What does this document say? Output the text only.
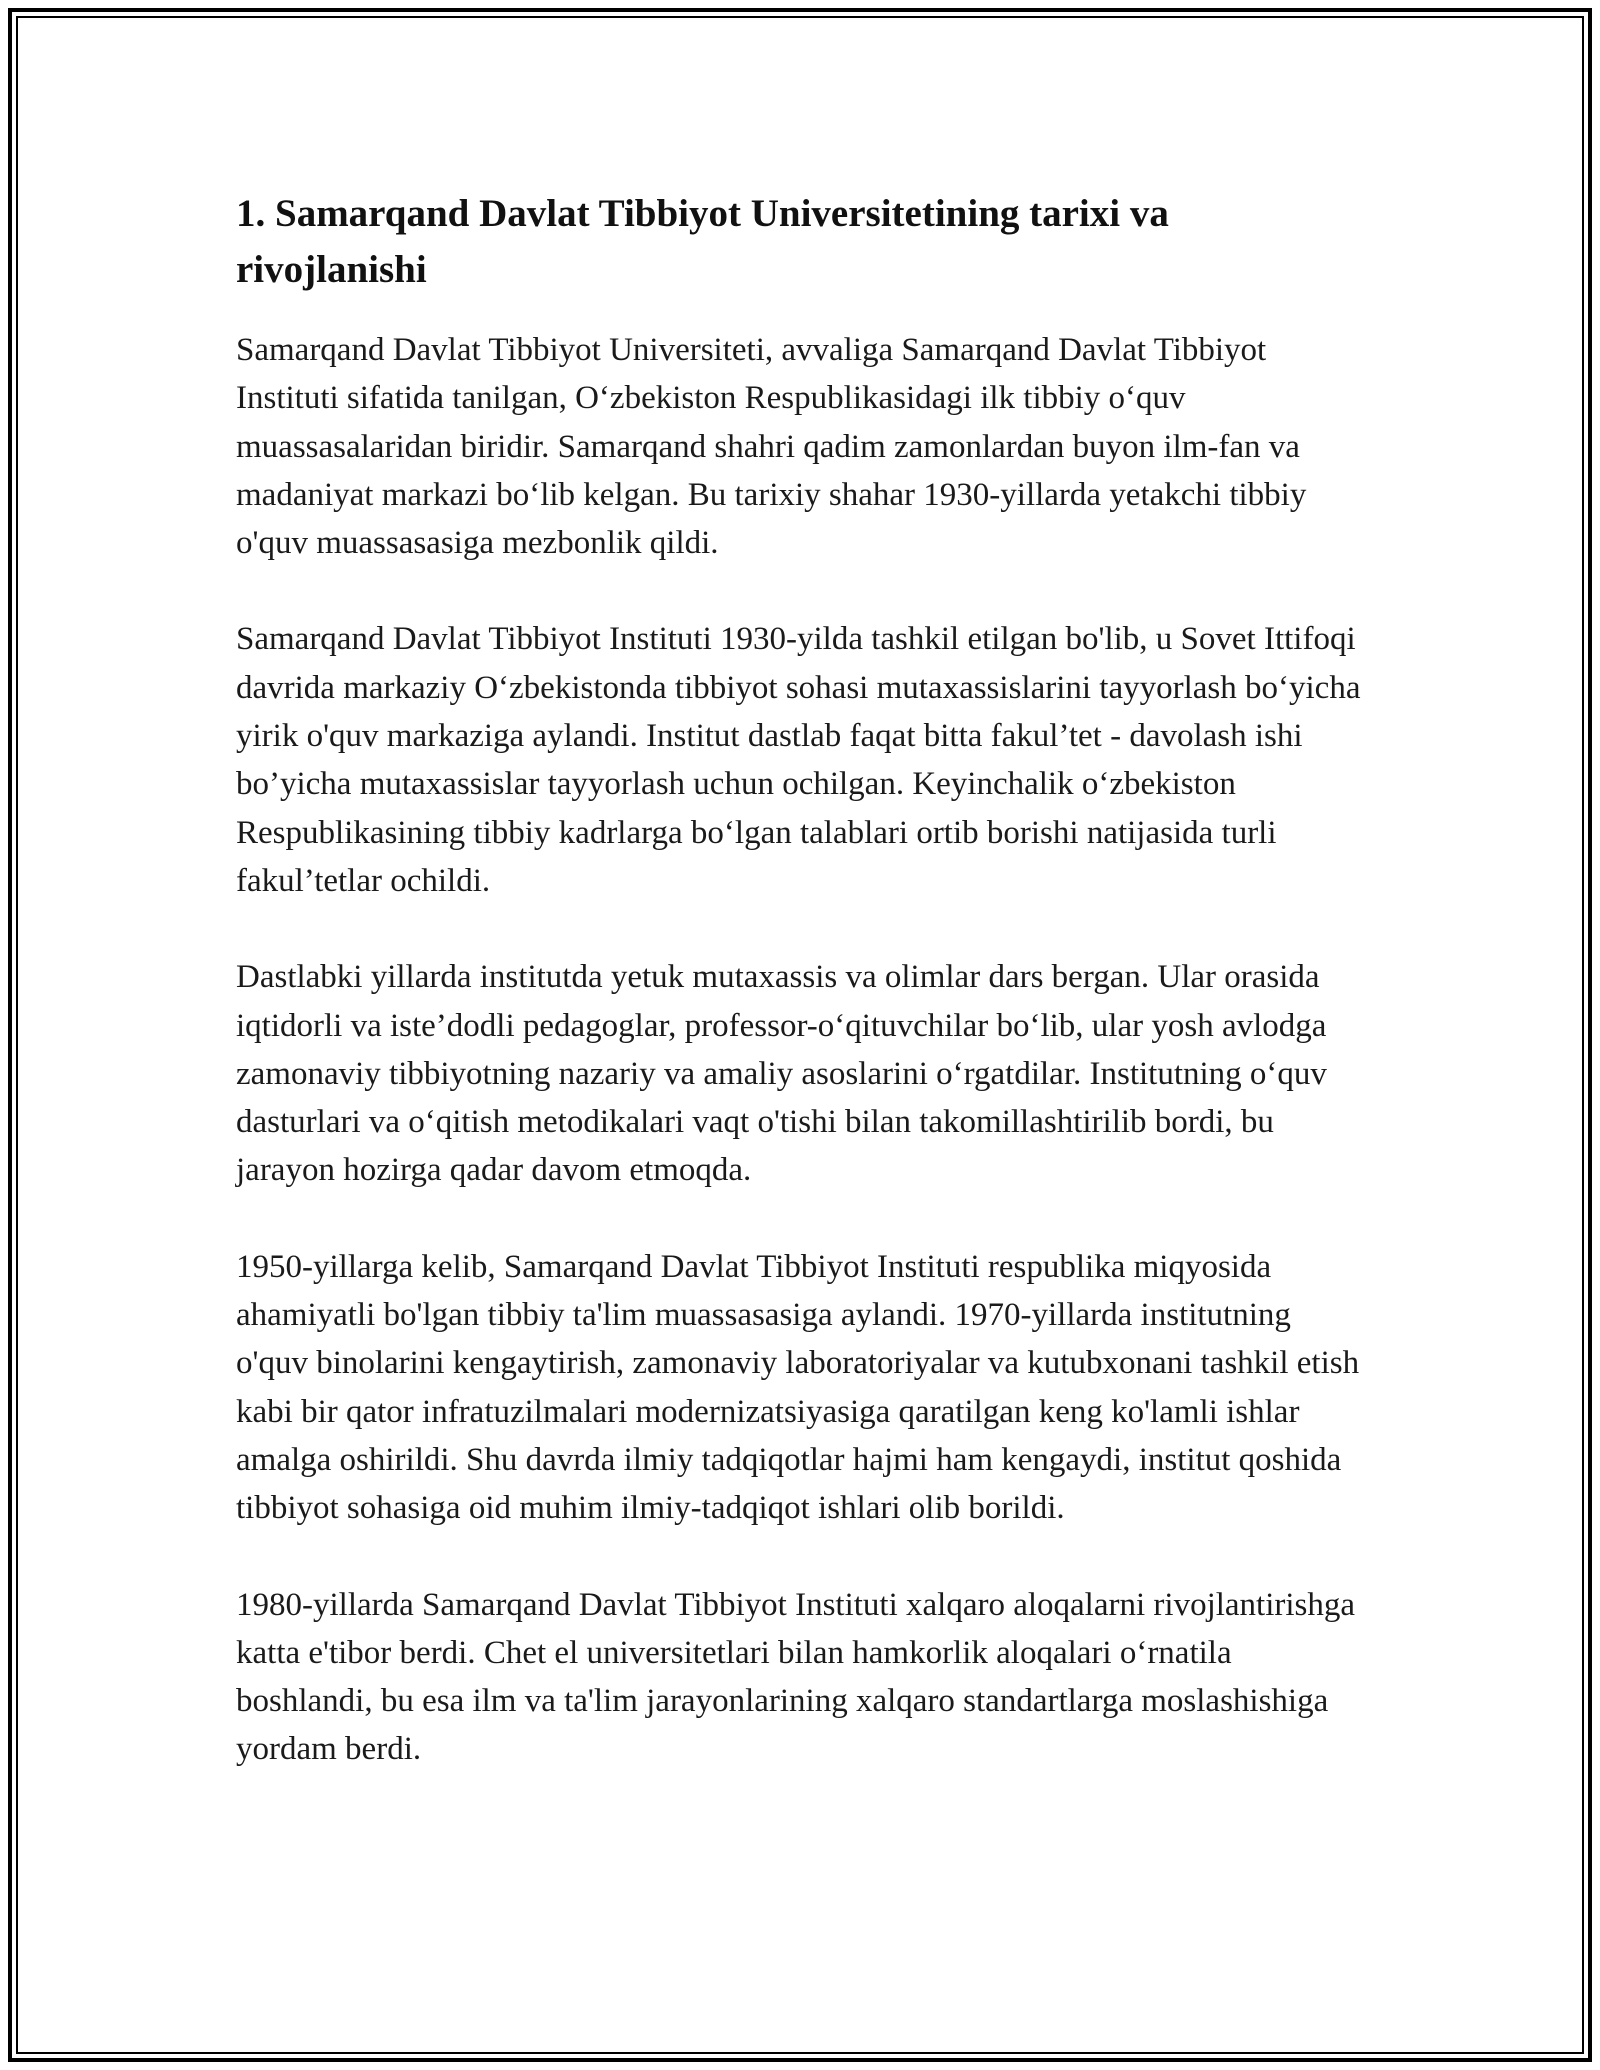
1. Samarqand Davlat Tibbiyot Universitetining tarixi va rivojlanishi

Samarqand Davlat Tibbiyot Universiteti, avvaliga Samarqand Davlat Tibbiyot Instituti sifatida tanilgan, O‘zbekiston Respublikasidagi ilk tibbiy o‘quv muassasalaridan biridir. Samarqand shahri qadim zamonlardan buyon ilm-fan va madaniyat markazi bo‘lib kelgan. Bu tarixiy shahar 1930-yillarda yetakchi tibbiy o'quv muassasasiga mezbonlik qildi.

Samarqand Davlat Tibbiyot Instituti 1930-yilda tashkil etilgan bo'lib, u Sovet Ittifoqi davrida markaziy O‘zbekistonda tibbiyot sohasi mutaxassislarini tayyorlash bo‘yicha yirik o'quv markaziga aylandi. Institut dastlab faqat bitta fakul’tet - davolash ishi bo’yicha mutaxassislar tayyorlash uchun ochilgan. Keyinchalik o‘zbekiston Respublikasining tibbiy kadrlarga bo‘lgan talablari ortib borishi natijasida turli fakul’tetlar ochildi.

Dastlabki yillarda institutda yetuk mutaxassis va olimlar dars bergan. Ular orasida iqtidorli va iste’dodli pedagoglar, professor-o‘qituvchilar bo‘lib, ular yosh avlodga zamonaviy tibbiyotning nazariy va amaliy asoslarini o‘rgatdilar. Institutning o‘quv dasturlari va o‘qitish metodikalari vaqt o'tishi bilan takomillashtirilib bordi, bu jarayon hozirga qadar davom etmoqda.

1950-yillarga kelib, Samarqand Davlat Tibbiyot Instituti respublika miqyosida ahamiyatli bo'lgan tibbiy ta'lim muassasasiga aylandi. 1970-yillarda institutning o'quv binolarini kengaytirish, zamonaviy laboratoriyalar va kutubxonani tashkil etish kabi bir qator infratuzilmalari modernizatsiyasiga qaratilgan keng ko'lamli ishlar amalga oshirildi. Shu davrda ilmiy tadqiqotlar hajmi ham kengaydi, institut qoshida tibbiyot sohasiga oid muhim ilmiy-tadqiqot ishlari olib borildi.

1980-yillarda Samarqand Davlat Tibbiyot Instituti xalqaro aloqalarni rivojlantirishga katta e'tibor berdi. Chet el universitetlari bilan hamkorlik aloqalari o‘rnatila boshlandi, bu esa ilm va ta'lim jarayonlarining xalqaro standartlarga moslashishiga yordam berdi.
